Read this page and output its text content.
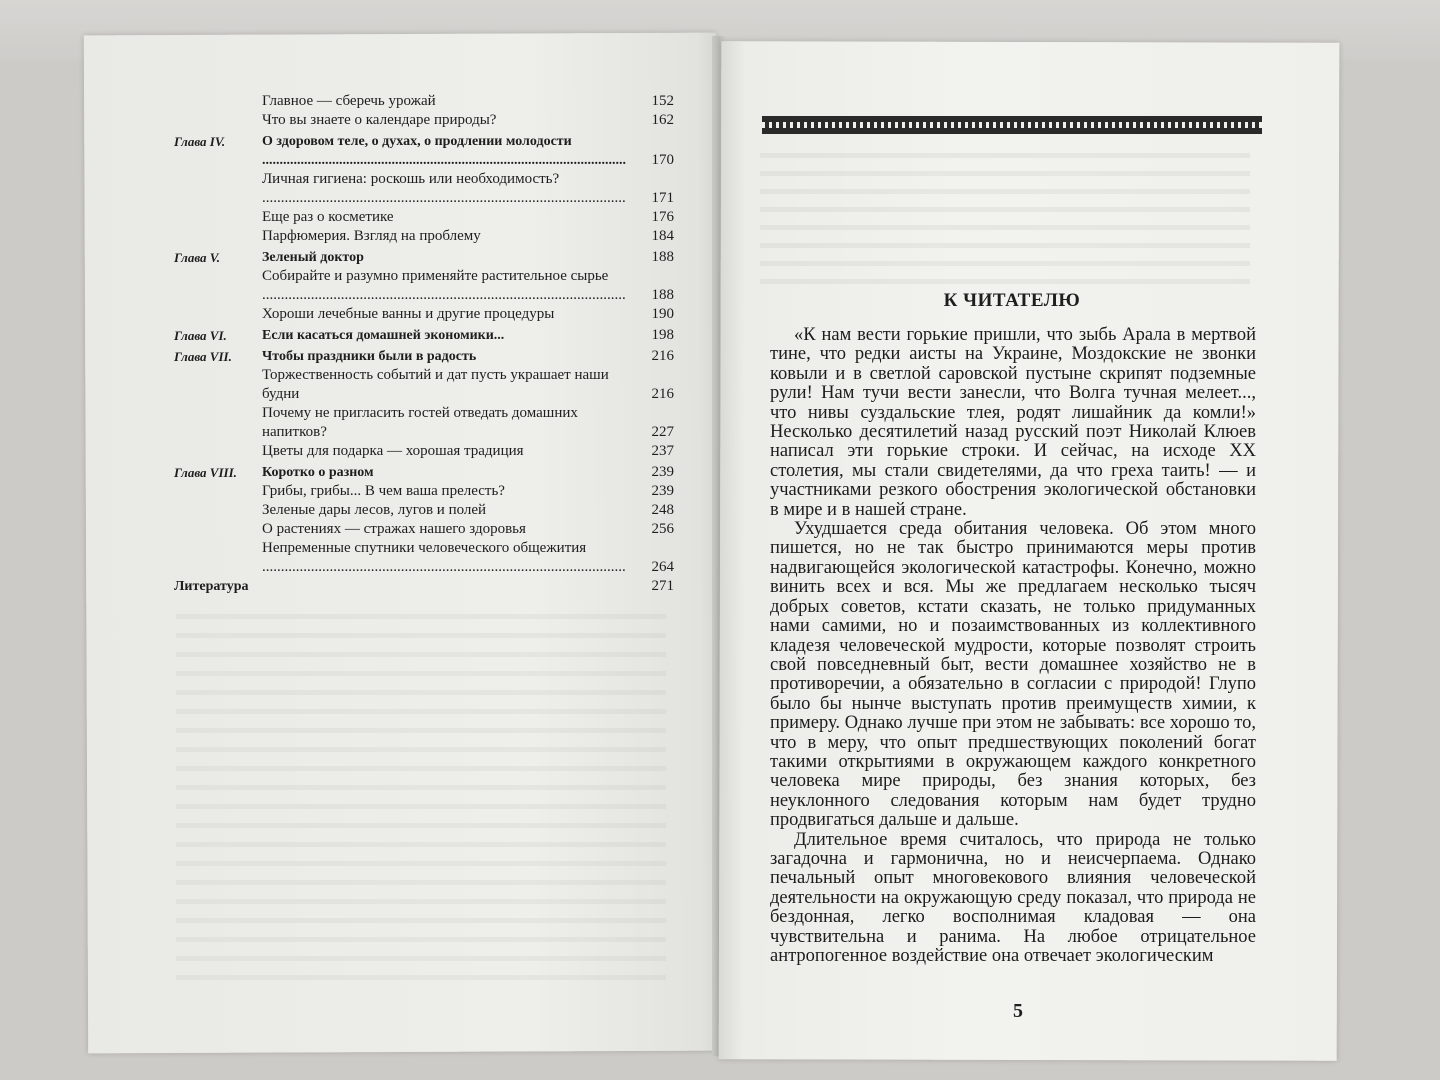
Главное — сберечь урожай	152
Что вы знаете о календаре природы?	162
Глава IV.	О здоровом теле, о духах, о продлении молодости .....
170
Личная гигиена: роскошь или необходимость? .....
171
Еще раз о косметике	176
Парфюмерия. Взгляд на проблему	184
Глава V.	Зеленый доктор	188
Собирайте и разумно применяйте растительное сырье .....
188
Хороши лечебные ванны и другие процедуры	190
Глава VI.	Если касаться домашней экономики...	198
Глава VII.	Чтобы праздники были в радость	216
Торжественность событий и дат пусть украшает наши будни	216
Почему не пригласить гостей отведать домашних напитков?	227
Цветы для подарка — хорошая традиция	237
Глава VIII.	Коротко о разном	239
Грибы, грибы... В чем ваша прелесть?	239
Зеленые дары лесов, лугов и полей	248
О растениях — стражах нашего здоровья	256
Непременные спутники человеческого общежития .....
264
Литература	271
К ЧИТАТЕЛЮ

«К нам вести горькие пришли, что зыбь Арала в мертвой тине, что редки аисты на Украине, Моздокские не звонки ковыли и в светлой саровской пустыне скрипят подземные рули! Нам тучи вести занесли, что Волга тучная мелеет..., что нивы суздальские тлея, родят лишайник да комли!» Несколько десятилетий назад русский поэт Николай Клюев написал эти горькие строки. И сейчас, на исходе XX столетия, мы стали свидетелями, да что греха таить! — и участниками резкого обострения экологической обстановки в мире и в нашей стране.

Ухудшается среда обитания человека. Об этом много пишется, но не так быстро принимаются меры против надвигающейся экологической катастрофы. Конечно, можно винить всех и вся. Мы же предлагаем несколько тысяч добрых советов, кстати сказать, не только придуманных нами самими, но и позаимствованных из коллективного кладезя человеческой мудрости, которые позволят строить свой повседневный быт, вести домашнее хозяйство не в противоречии, а обязательно в согласии с природой! Глупо было бы нынче выступать против преимуществ химии, к примеру. Однако лучше при этом не забывать: все хорошо то, что в меру, что опыт предшествующих поколений богат такими открытиями в окружающем каждого конкретного человека мире природы, без знания которых, без неуклонного следования которым нам будет трудно продвигаться дальше и дальше.

Длительное время считалось, что природа не только загадочна и гармонична, но и неисчерпаема. Однако печальный опыт многовекового влияния человеческой деятельности на окружающую среду показал, что природа не бездонная, легко восполнимая кладовая — она чувствительна и ранима. На любое отрицательное антропогенное воздействие она отвечает экологическим

5
